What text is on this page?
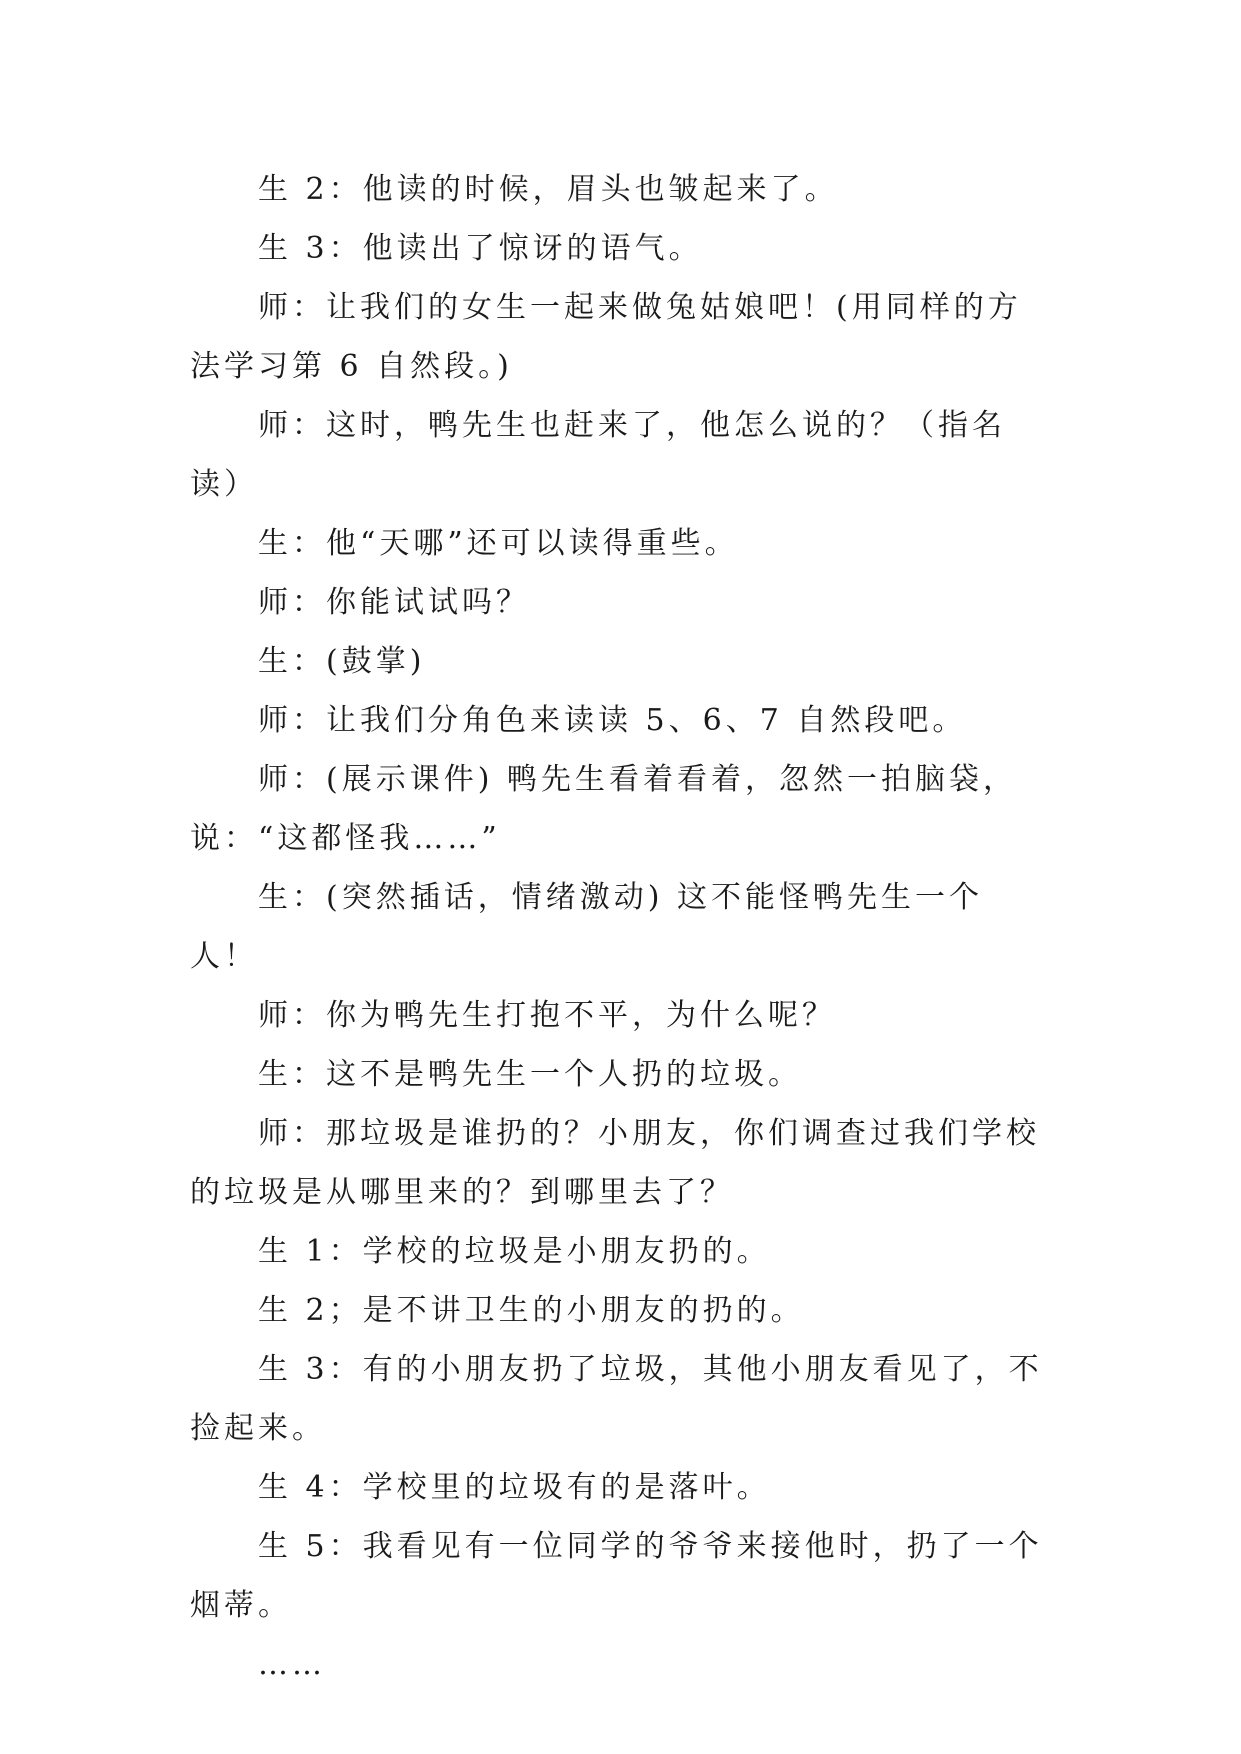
生 2：他读的时候，眉头也皱起来了。

生 3：他读出了惊讶的语气。

师：让我们的女生一起来做兔姑娘吧！(用同样的方法学习第 6 自然段。)

师：这时，鸭先生也赶来了，他怎么说的？（指名读）

生：他“天哪”还可以读得重些。

师：你能试试吗？

生：(鼓掌)

师：让我们分角色来读读 5、6、7 自然段吧。

师：(展示课件) 鸭先生看着看着，忽然一拍脑袋，说：“这都怪我……”

生：(突然插话，情绪激动) 这不能怪鸭先生一个人！

师：你为鸭先生打抱不平，为什么呢？

生：这不是鸭先生一个人扔的垃圾。

师：那垃圾是谁扔的？小朋友，你们调查过我们学校的垃圾是从哪里来的？到哪里去了？

生 1：学校的垃圾是小朋友扔的。

生 2；是不讲卫生的小朋友的扔的。

生 3：有的小朋友扔了垃圾，其他小朋友看见了，不捡起来。

生 4：学校里的垃圾有的是落叶。

生 5：我看见有一位同学的爷爷来接他时，扔了一个烟蒂。

……
